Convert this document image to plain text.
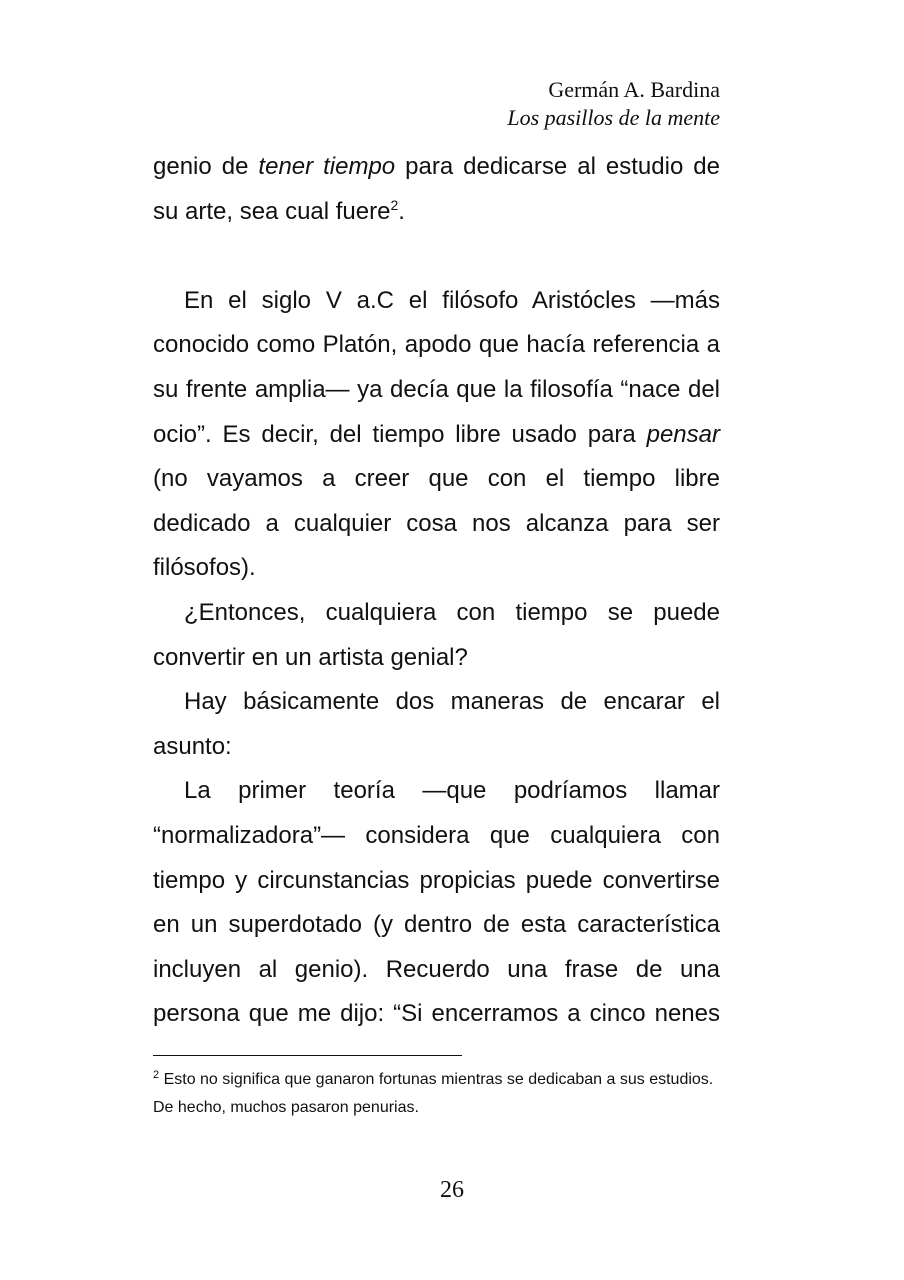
Germán A. Bardina
Los pasillos de la mente

genio de tener tiempo para dedicarse al estudio de su arte, sea cual fuere$^2$.

En el siglo V a.C el filósofo Aristócles —más conocido como Platón, apodo que hacía referencia a su frente amplia— ya decía que la filosofía “nace del ocio”. Es decir, del tiempo libre usado para pensar (no vayamos a creer que con el tiempo libre dedicado a cualquier cosa nos alcanza para ser filósofos).

¿Entonces, cualquiera con tiempo se puede convertir en un artista genial?

Hay básicamente dos maneras de encarar el asunto:

La primer teoría —que podríamos llamar “normalizadora”— considera que cualquiera con tiempo y circunstancias propicias puede convertirse en un superdotado (y dentro de esta característica incluyen al genio). Recuerdo una frase de una persona que me dijo: “Si encerramos a cinco nenes

$^2$ Esto no significa que ganaron fortunas mientras se dedicaban a sus estudios. De hecho, muchos pasaron penurias.
26
